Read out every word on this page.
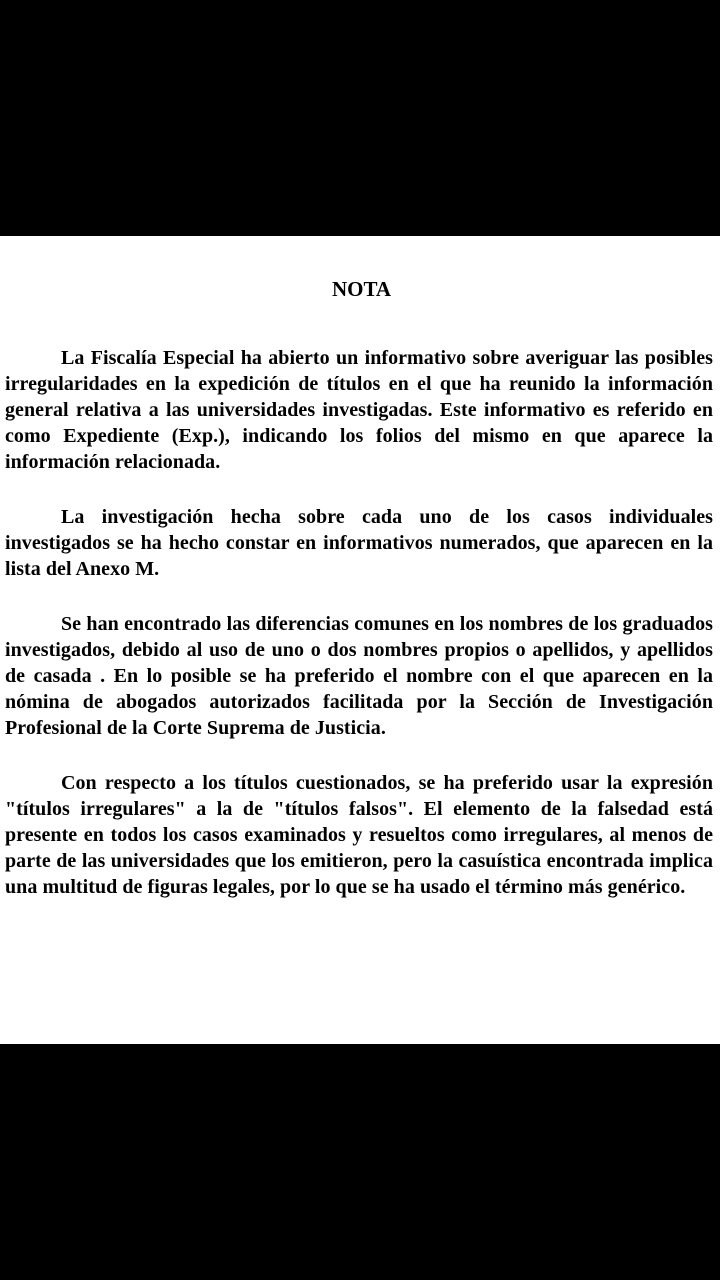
NOTA

La Fiscalía Especial ha abierto un informativo sobre averiguar las posibles irregularidades en la expedición de títulos en el que ha reunido la información general relativa a las universidades investigadas. Este informativo es referido en como Expediente (Exp.), indicando los folios del mismo en que aparece la información relacionada.

La investigación hecha sobre cada uno de los casos individuales investigados se ha hecho constar en informativos numerados, que aparecen en la lista del Anexo M.

Se han encontrado las diferencias comunes en los nombres de los graduados investigados, debido al uso de uno o dos nombres propios o apellidos, y apellidos de casada . En lo posible se ha preferido el nombre con el que aparecen en la nómina de abogados autorizados facilitada por la Sección de Investigación Profesional de la Corte Suprema de Justicia.

Con respecto a los títulos cuestionados, se ha preferido usar la expresión "títulos irregulares" a la de "títulos falsos". El elemento de la falsedad está presente en todos los casos examinados y resueltos como irregulares, al menos de parte de las universidades que los emitieron, pero la casuística encontrada implica una multitud de figuras legales, por lo que se ha usado el término más genérico.
